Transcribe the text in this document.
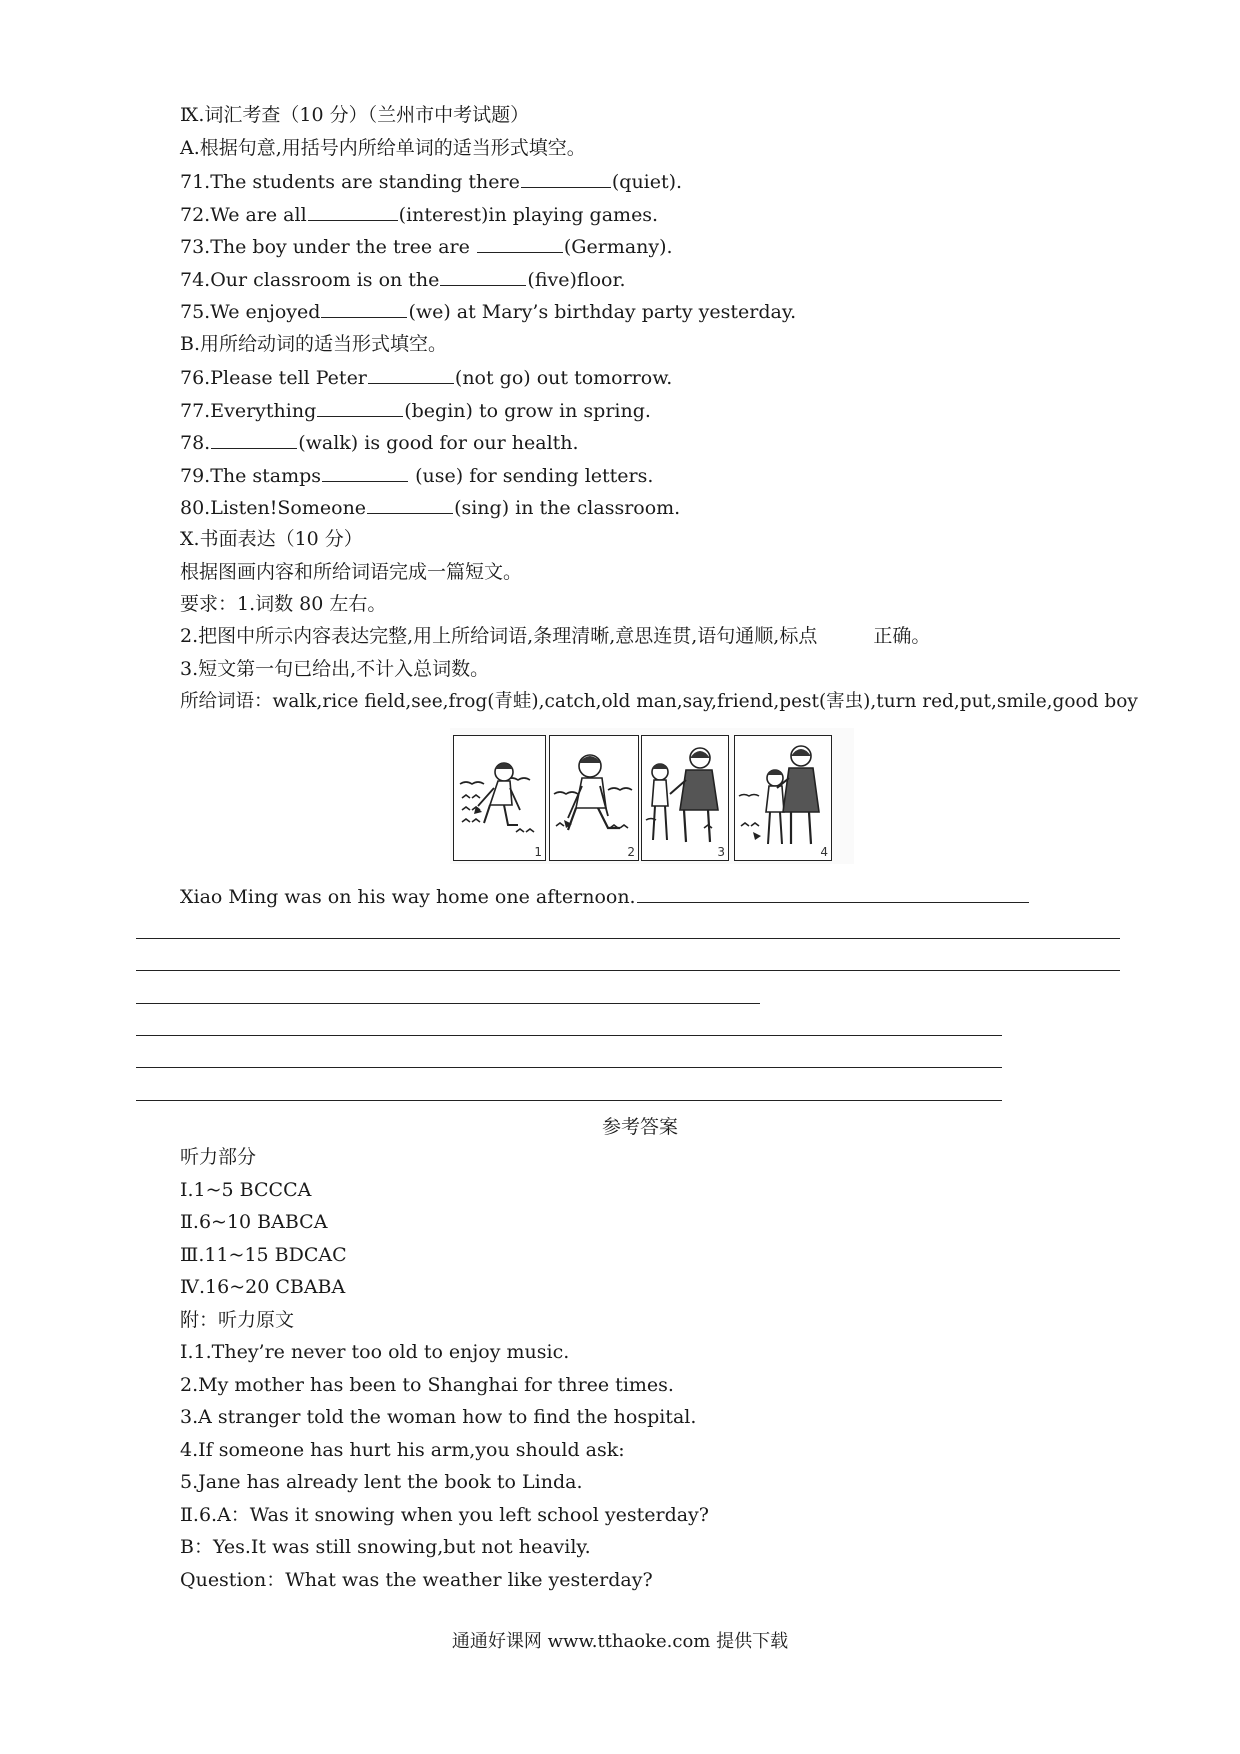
Ⅸ.词汇考查（10 分）（兰州市中考试题）
A.根据句意,用括号内所给单词的适当形式填空。
71.The students are standing there	(quiet).
72.We are all	(interest)in playing games.
73.The boy under the tree are	(Germany).
74.Our classroom is on the	(five)floor.
75.We enjoyed	(we) at Mary’s birthday party yesterday.
B.用所给动词的适当形式填空。
76.Please tell Peter	(not go) out tomorrow.
77.Everything	(begin) to grow in spring.
78.	(walk) is good for our health.
79.The stamps	(use) for sending letters.
80.Listen!Someone	(sing) in the classroom.
Ⅹ.书面表达（10 分）
根据图画内容和所给词语完成一篇短文。
要求：1.词数 80 左右。
2.把图中所示内容表达完整,用上所给词语,条理清晰,意思连贯,语句通顺,标点	正确。
3.短文第一句已给出,不计入总词数。
所给词语：walk,rice field,see,frog(青蛙),catch,old man,say,friend,pest(害虫),turn red,put,smile,good boy
1	2	3	4
Xiao Ming was on his way home one afternoon.
参考答案
听力部分
Ⅰ.1~5 BCCCA
Ⅱ.6~10 BABCA
Ⅲ.11~15 BDCAC
Ⅳ.16~20 CBABA
附：听力原文
Ⅰ.1.They’re never too old to enjoy music.
2.My mother has been to Shanghai for three times.
3.A stranger told the woman how to find the hospital.
4.If someone has hurt his arm,you should ask:
5.Jane has already lent the book to Linda.
Ⅱ.6.A：Was it snowing when you left school yesterday?
B：Yes.It was still snowing,but not heavily.
Question：What was the weather like yesterday?
通通好课网 www.tthaoke.com 提供下载
